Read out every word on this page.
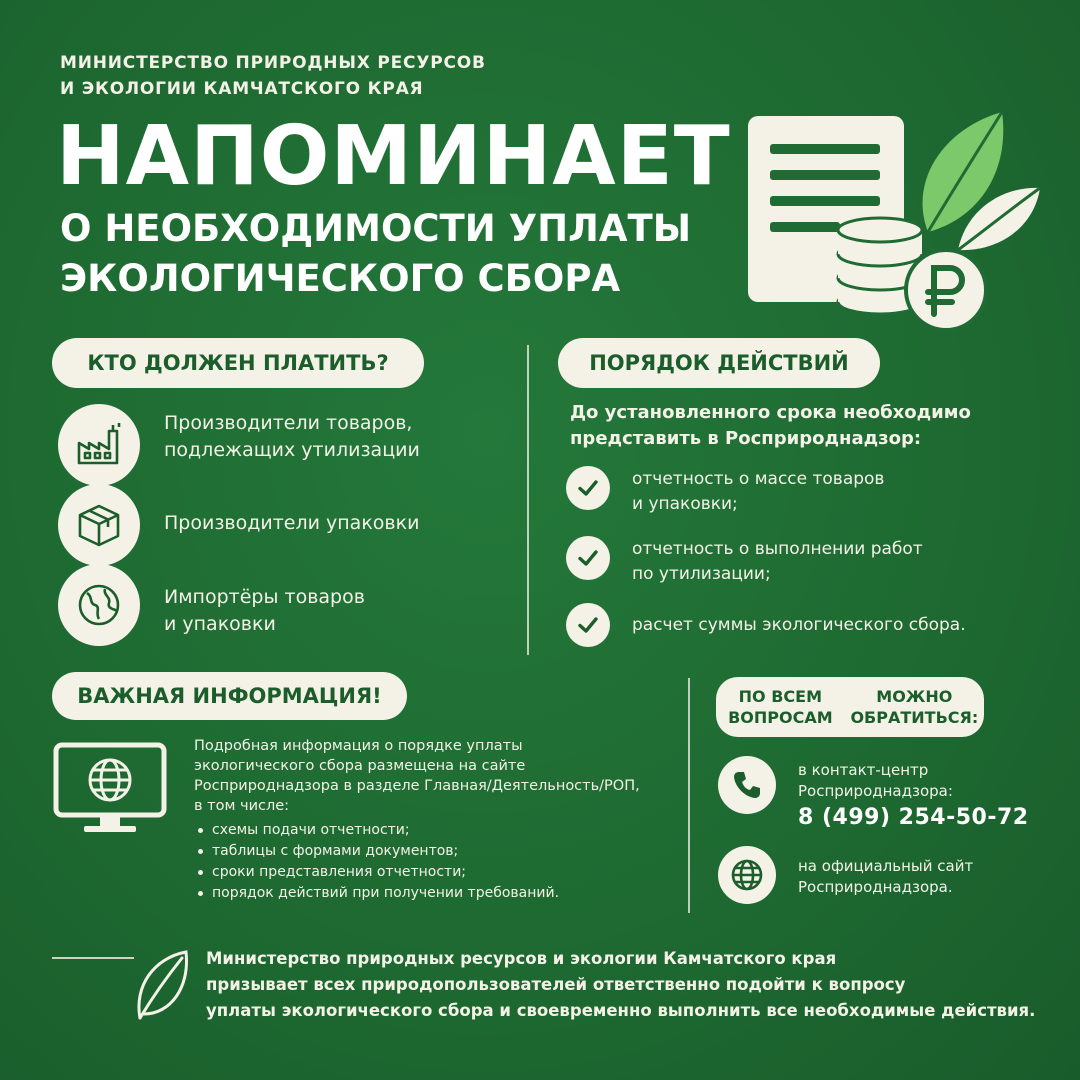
МИНИСТЕРСТВО ПРИРОДНЫХ РЕСУРСОВ
И ЭКОЛОГИИ КАМЧАТСКОГО КРАЯ
НАПОМИНАЕТ
О НЕОБХОДИМОСТИ УПЛАТЫ
ЭКОЛОГИЧЕСКОГО СБОРА
КТО ДОЛЖЕН ПЛАТИТЬ?	ПОРЯДОК ДЕЙСТВИЙ
Производители товаров,
подлежащих утилизации
Производители упаковки
Импортёры товаров
и упаковки
До установленного срока необходимо
представить в Росприроднадзор:
отчетность о массе товаров
и упаковки;
отчетность о выполнении работ
по утилизации;
расчет суммы экологического сбора.
ВАЖНАЯ ИНФОРМАЦИЯ!
Подробная информация о порядке уплаты
экологического сбора размещена на сайте
Росприроднадзора в разделе Главная/Деятельность/РОП,
в том числе:
схемы подачи отчетности;
таблицы с формами документов;
сроки представления отчетности;
порядок действий при получении требований.
ПО ВСЕМ ВОПРОСАМ
МОЖНО ОБРАТИТЬСЯ:
в контакт-центр
Росприроднадзора:
8 (499) 254-50-72
на официальный сайт
Росприроднадзора.
Министерство природных ресурсов и экологии Камчатского края
призывает всех природопользователей ответственно подойти к вопросу
уплаты экологического сбора и своевременно выполнить все необходимые действия.
